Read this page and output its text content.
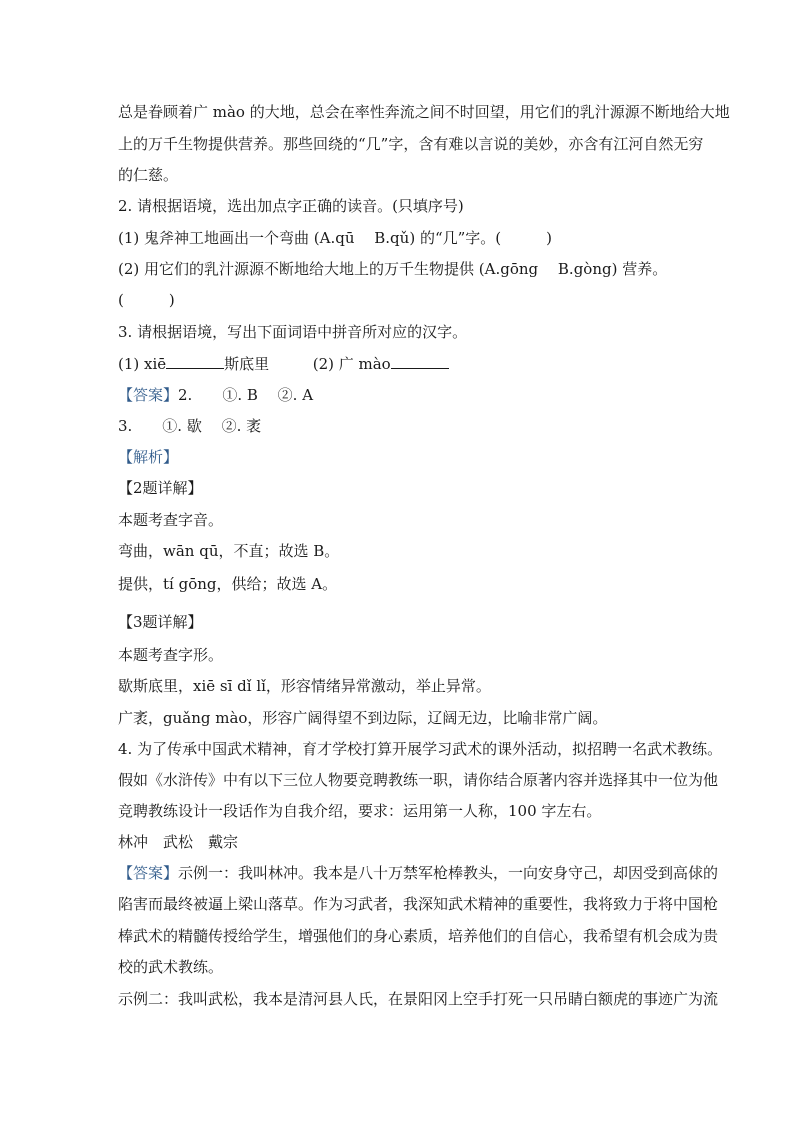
总是眷顾着广 mào 的大地，总会在率性奔流之间不时回望，用它们的乳汁源源不断地给大地
上的万千生物提供营养。那些回绕的“几”字，含有难以言说的美妙，亦含有江河自然无穷
的仁慈。
2. 请根据语境，选出加点字正确的读音。(只填序号)
(1) 鬼斧神工地画出一个弯曲 (A.qū　 B.qǔ) 的“几”字。(　　　)
(2) 用它们的乳汁源源不断地给大地上的万千生物提供 (A.gōng　 B.gòng) 营养。
(　　　)
3. 请根据语境，写出下面词语中拼音所对应的汉字。
(1) xiē	斯底里	(2) 广 mào
【答案】2.　　①. B　 ②. A
3.　　①. 歇　 ②. 袤
【解析】
【2题详解】
本题考查字音。
弯曲，wān qū，不直；故选 B。
提供，tí gōng，供给；故选 A。
【3题详解】
本题考查字形。
歇斯底里，xiē sī dǐ lǐ，形容情绪异常激动，举止异常。
广袤，guǎng mào，形容广阔得望不到边际，辽阔无边，比喻非常广阔。
4. 为了传承中国武术精神，育才学校打算开展学习武术的课外活动，拟招聘一名武术教练。
假如《水浒传》中有以下三位人物要竞聘教练一职，请你结合原著内容并选择其中一位为他
竞聘教练设计一段话作为自我介绍，要求：运用第一人称，100 字左右。
林冲　武松　戴宗
【答案】示例一：我叫林冲。我本是八十万禁军枪棒教头，一向安身守己，却因受到高俅的
陷害而最终被逼上梁山落草。作为习武者，我深知武术精神的重要性，我将致力于将中国枪
棒武术的精髓传授给学生，增强他们的身心素质，培养他们的自信心，我希望有机会成为贵
校的武术教练。
示例二：我叫武松，我本是清河县人氏，在景阳冈上空手打死一只吊睛白额虎的事迹广为流
